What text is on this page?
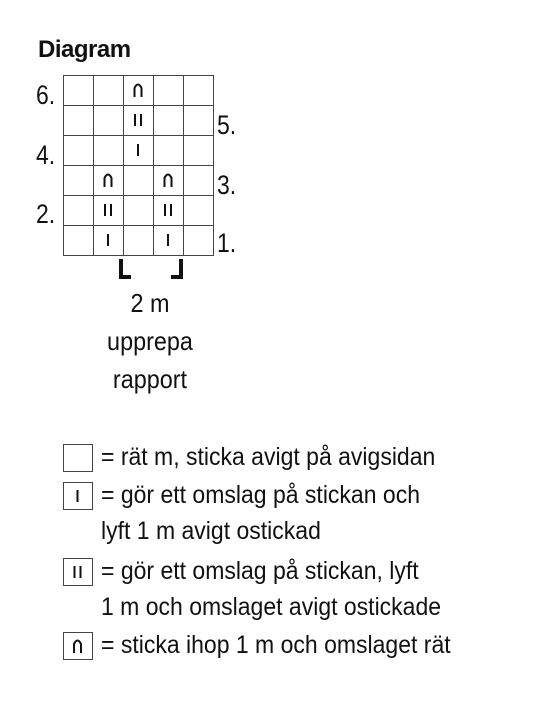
Diagram
6.
4.
2.
5.
3.
1.
2 m
upprepa
rapport
= rät m, sticka avigt på avigsidan
= gör ett omslag på stickan och
lyft 1 m avigt ostickad
= gör ett omslag på stickan, lyft
1 m och omslaget avigt ostickade
= sticka ihop 1 m och omslaget rät
